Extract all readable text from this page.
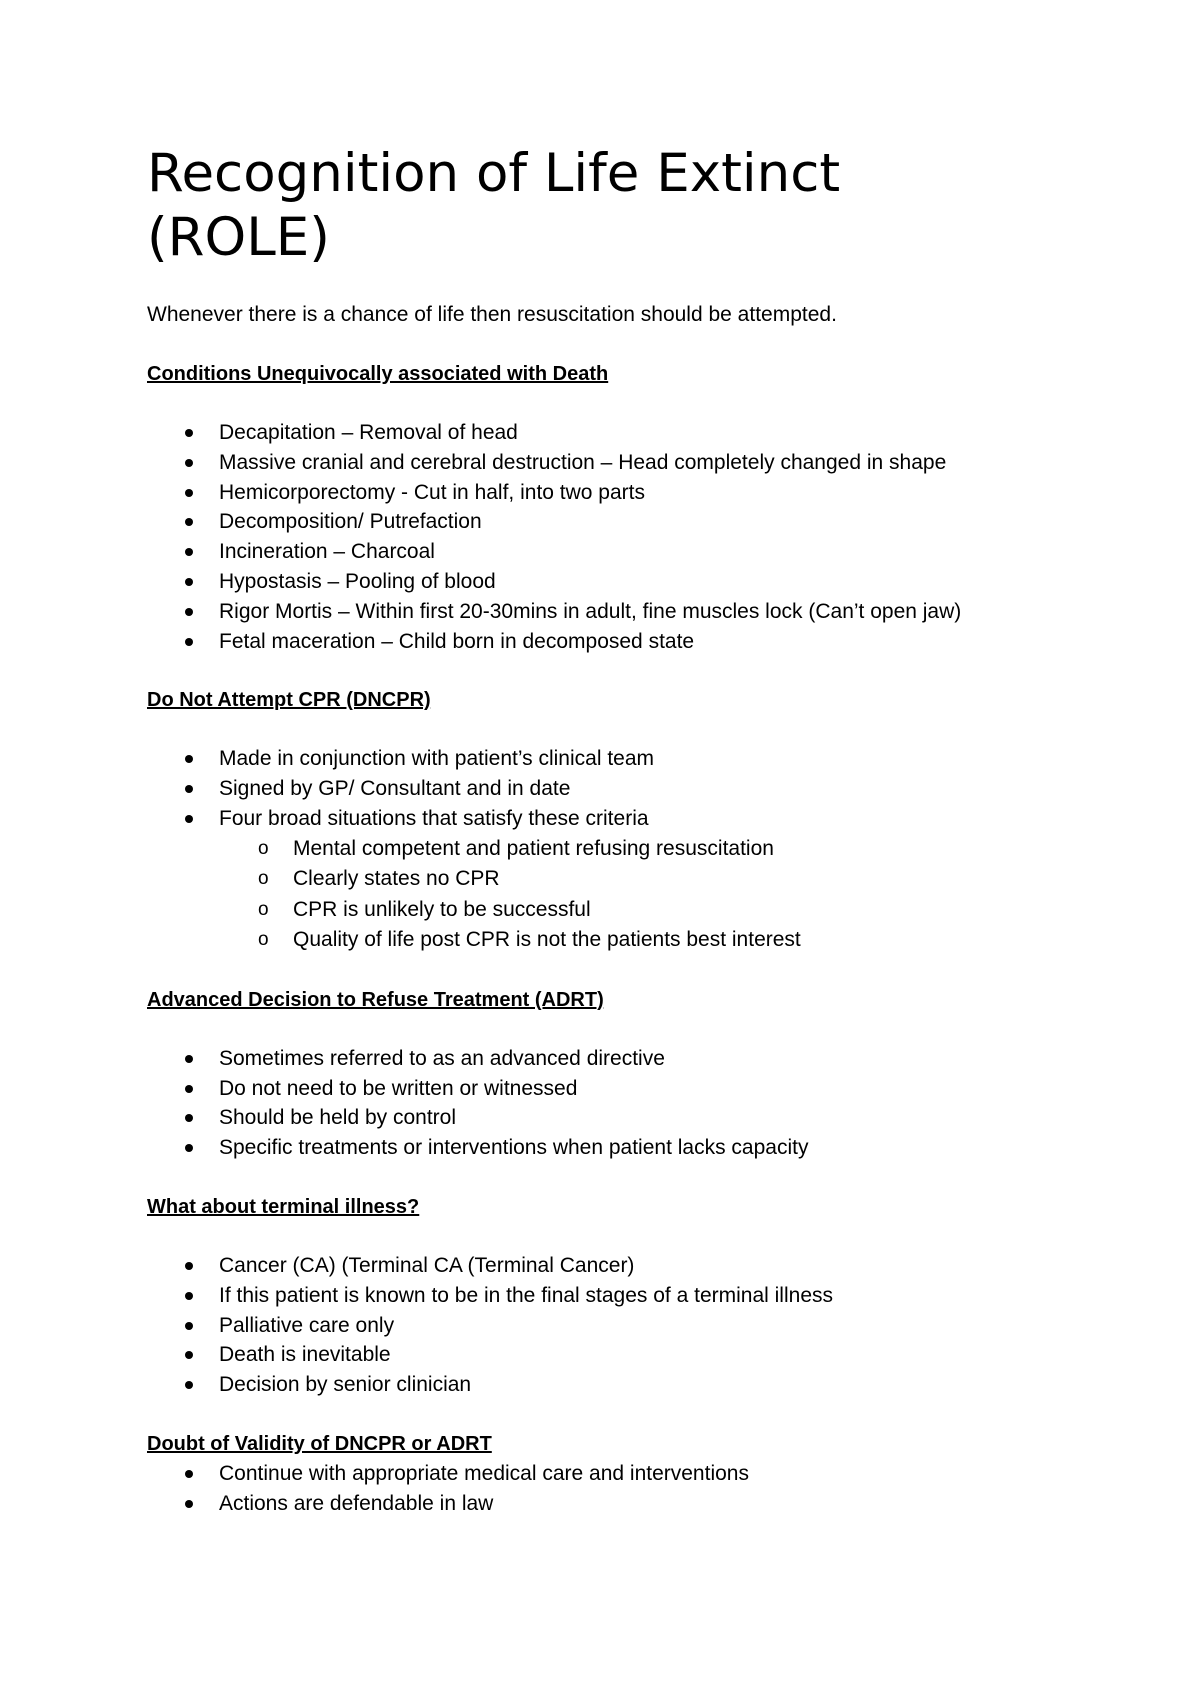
Recognition of Life Extinct
(ROLE)

Whenever there is a chance of life then resuscitation should be attempted.

Conditions Unequivocally associated with Death

Decapitation – Removal of head
Massive cranial and cerebral destruction – Head completely changed in shape
Hemicorporectomy - Cut in half, into two parts
Decomposition/ Putrefaction
Incineration – Charcoal
Hypostasis – Pooling of blood
Rigor Mortis – Within first 20-30mins in adult, fine muscles lock (Can’t open jaw)
Fetal maceration – Child born in decomposed state

Do Not Attempt CPR (DNCPR)

Made in conjunction with patient’s clinical team
Signed by GP/ Consultant and in date
Four broad situations that satisfy these criteria
o Mental competent and patient refusing resuscitation
o Clearly states no CPR
o CPR is unlikely to be successful
o Quality of life post CPR is not the patients best interest

Advanced Decision to Refuse Treatment (ADRT)

Sometimes referred to as an advanced directive
Do not need to be written or witnessed
Should be held by control
Specific treatments or interventions when patient lacks capacity

What about terminal illness?

Cancer (CA) (Terminal CA (Terminal Cancer)
If this patient is known to be in the final stages of a terminal illness
Palliative care only
Death is inevitable
Decision by senior clinician

Doubt of Validity of DNCPR or ADRT

Continue with appropriate medical care and interventions
Actions are defendable in law
